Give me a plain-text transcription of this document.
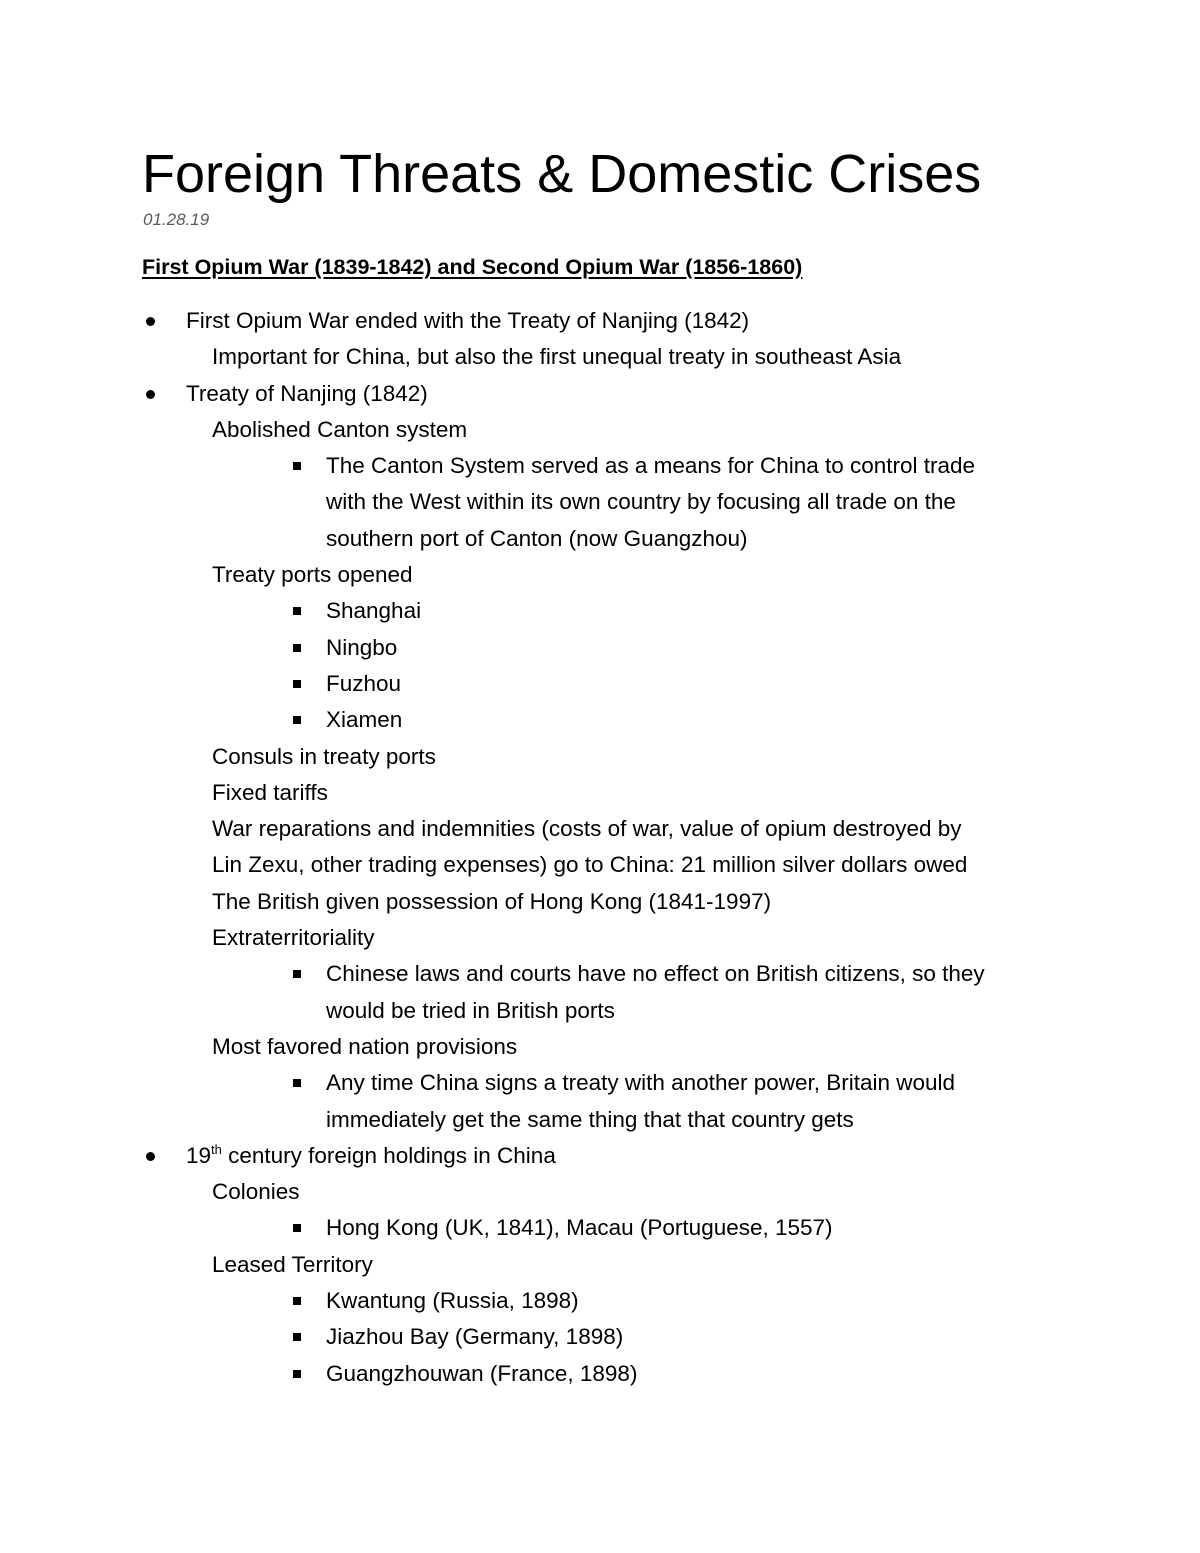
Foreign Threats & Domestic Crises
01.28.19
First Opium War (1839-1842) and Second Opium War (1856-1860)
First Opium War ended with the Treaty of Nanjing (1842)
Important for China, but also the first unequal treaty in southeast Asia
Treaty of Nanjing (1842)
Abolished Canton system
The Canton System served as a means for China to control trade
with the West within its own country by focusing all trade on the
southern port of Canton (now Guangzhou)
Treaty ports opened
Shanghai
Ningbo
Fuzhou
Xiamen
Consuls in treaty ports
Fixed tariffs
War reparations and indemnities (costs of war, value of opium destroyed by
Lin Zexu, other trading expenses) go to China: 21 million silver dollars owed
The British given possession of Hong Kong (1841-1997)
Extraterritoriality
Chinese laws and courts have no effect on British citizens, so they
would be tried in British ports
Most favored nation provisions
Any time China signs a treaty with another power, Britain would
immediately get the same thing that that country gets
19th century foreign holdings in China
Colonies
Hong Kong (UK, 1841), Macau (Portuguese, 1557)
Leased Territory
Kwantung (Russia, 1898)
Jiazhou Bay (Germany, 1898)
Guangzhouwan (France, 1898)
